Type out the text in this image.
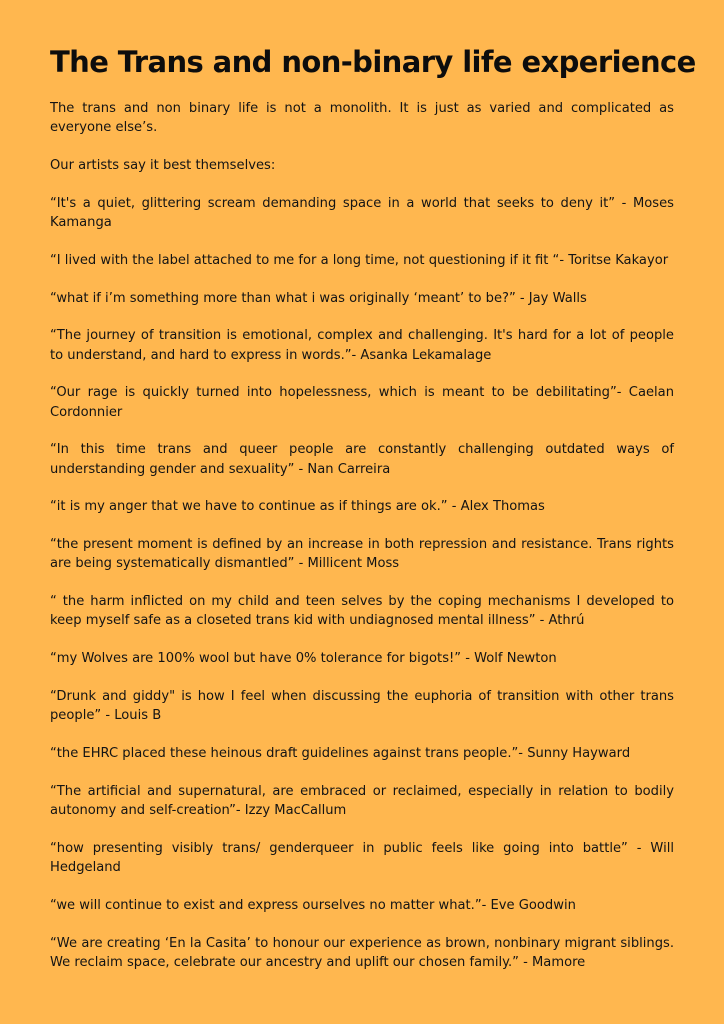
The Trans and non-binary life experience

The trans and non binary life is not a monolith. It is just as varied and complicated as everyone else’s.

Our artists say it best themselves:

“It's a quiet, glittering scream demanding space in a world that seeks to deny it” - Moses Kamanga

“I lived with the label attached to me for a long time, not questioning if it fit “- Toritse Kakayor

“what if i’m something more than what i was originally ‘meant’ to be?” - Jay Walls

“The journey of transition is emotional, complex and challenging. It's hard for a lot of people to understand, and hard to express in words.”- Asanka Lekamalage

“Our rage is quickly turned into hopelessness, which is meant to be debilitating”- Caelan Cordonnier

“In this time trans and queer people are constantly challenging outdated ways of understanding gender and sexuality” - Nan Carreira

“it is my anger that we have to continue as if things are ok.” - Alex Thomas

“the present moment is defined by an increase in both repression and resistance. Trans rights are being systematically dismantled” - Millicent Moss

“ the harm inflicted on my child and teen selves by the coping mechanisms I developed to keep myself safe as a closeted trans kid with undiagnosed mental illness” - Athrú

“my Wolves are 100% wool but have 0% tolerance for bigots!” - Wolf Newton

“Drunk and giddy" is how I feel when discussing the euphoria of transition with other trans people” - Louis B

“the EHRC placed these heinous draft guidelines against trans people.”- Sunny Hayward

“The artificial and supernatural, are embraced or reclaimed, especially in relation to bodily autonomy and self-creation”- Izzy MacCallum

“how presenting visibly trans/ genderqueer in public feels like going into battle” - Will Hedgeland

“we will continue to exist and express ourselves no matter what.”- Eve Goodwin

“We are creating ‘En la Casita’ to honour our experience as brown, nonbinary migrant siblings. We reclaim space, celebrate our ancestry and uplift our chosen family.” - Mamore
